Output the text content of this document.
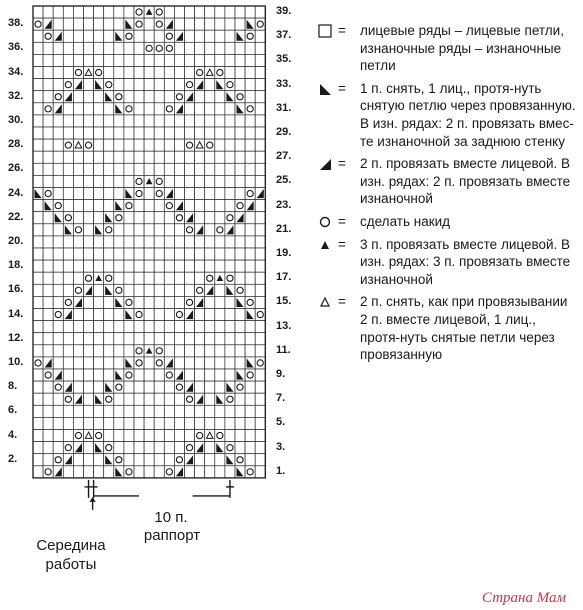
38.
36.
34.
32.
30.
28.
26.
24.
22.
20.
18.
16.
14.
12.
10.
8.
6.
4.
2.
39.
37.
35.
33.
31.
29.
27.
25.
23.
21.
19.
17.
15.
13.
11.
9.
7.
5.
3.
1.
= лицевые ряды – лицевые петли, изнаночные ряды – изнаночные петли
= 1 п. снять, 1 лиц., протя-нуть снятую петлю через провязанную. В изн. рядах: 2 п. провязать вмес-те изнаночной за заднюю стенку
= 2 п. провязать вместе лицевой. В изн. рядах: 2 п. провязать вместе изнаночной
= сделать накид
= 3 п. провязать вместе лицевой. В изн. рядах: 3 п. провязать вместе изнаночной
= 2 п. снять, как при провязывании 2 п. вместе лицевой, 1 лиц., протя-нуть снятые петли через провязанную
10 п.
раппорт
Середина
работы
Страна Мам
